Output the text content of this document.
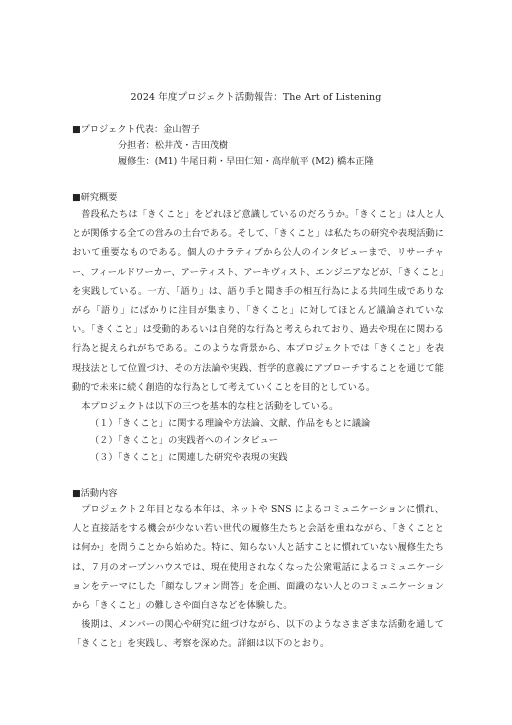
2024 年度プロジェクト活動報告：The Art of Listening
■プロジェクト代表：金山智子
分担者：松井茂・吉田茂樹
履修生：(M1) 牛尾日莉・早田仁知・高岸航平 (M2) 橋本正隆
■研究概要

普段私たちは「きくこと」をどれほど意識しているのだろうか。「きくこと」は人と人とが関係する全ての営みの土台である。そして、「きくこと」は私たちの研究や表現活動において重要なものである。個人のナラティブから公人のインタビューまで、リサーチャー、フィールドワーカー、アーティスト、アーキヴィスト、エンジニアなどが、「きくこと」を実践している。一方、「語り」は、語り手と聞き手の相互行為による共同生成でありながら「語り」にばかりに注目が集まり、「きくこと」に対してほとんど議論されていない。「きくこと」は受動的あるいは自発的な行為と考えられており、過去や現在に関わる行為と捉えられがちである。このような背景から、本プロジェクトでは「きくこと」を表現技法として位置づけ、その方法論や実践、哲学的意義にアプローチすることを通じて能動的で未来に続く創造的な行為として考えていくことを目的としている。

本プロジェクトは以下の三つを基本的な柱と活動をしている。

（１）「きくこと」に関する理論や方法論、文献、作品をもとに議論
（２）「きくこと」の実践者へのインタビュー
（３）「きくこと」に関連した研究や表現の実践
■活動内容

プロジェクト２年目となる本年は、ネットや SNS によるコミュニケーションに慣れ、人と直接話をする機会が少ない若い世代の履修生たちと会話を重ねながら、「きくこととは何か」を問うことから始めた。特に、知らない人と話すことに慣れていない履修生たちは、７月のオープンハウスでは、現在使用されなくなった公衆電話によるコミュニケーションをテーマにした「顔なしフォン問答」を企画、面識のない人とのコミュニケーションから「きくこと」の難しさや面白さなどを体験した。

後期は、メンバーの関心や研究に紐づけながら、以下のようなさまざまな活動を通して「きくこと」を実践し、考察を深めた。詳細は以下のとおり。
